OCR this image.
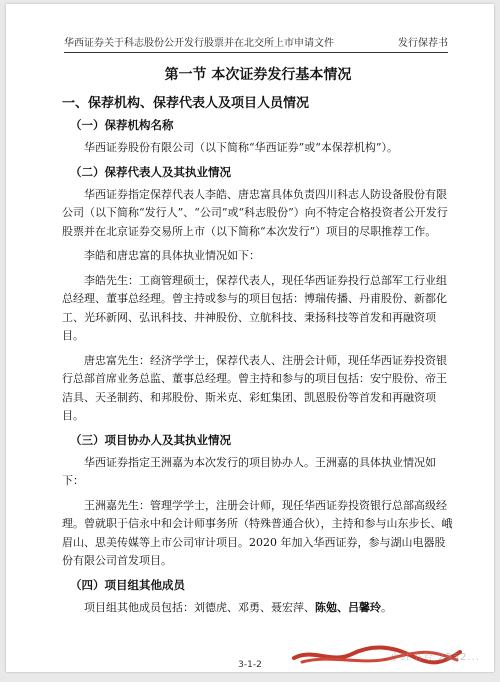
华西证券关于科志股份公开发行股票并在北交所上市申请文件	发行保荐书
第一节 本次证券发行基本情况
一、保荐机构、保荐代表人及项目人员情况
（一）保荐机构名称

华西证券股份有限公司（以下简称“华西证券”或“本保荐机构”）。

（二）保荐代表人及其执业情况

华西证券指定保荐代表人李皓、唐忠富具体负责四川科志人防设备股份有限公司（以下简称“发行人”、“公司”或“科志股份”）向不特定合格投资者公开发行股票并在北京证券交易所上市（以下简称“本次发行”）项目的尽职推荐工作。

李皓和唐忠富的具体执业情况如下：

李皓先生：工商管理硕士，保荐代表人，现任华西证券投行总部军工行业组总经理、董事总经理。曾主持或参与的项目包括：博瑞传播、丹甫股份、新都化工、光环新网、弘讯科技、井神股份、立航科技、秉扬科技等首发和再融资项目。

唐忠富先生：经济学学士，保荐代表人、注册会计师，现任华西证券投资银行总部首席业务总监、董事总经理。曾主持和参与的项目包括：安宁股份、帝王洁具、天圣制药、和邦股份、斯米克、彩虹集团、凯恩股份等首发和再融资项目。

（三）项目协办人及其执业情况

华西证券指定王洲嘉为本次发行的项目协办人。王洲嘉的具体执业情况如下：

王洲嘉先生：管理学学士，注册会计师，现任华西证券投资银行总部高级经理。曾就职于信永中和会计师事务所（特殊普通合伙），主持和参与山东步长、峨眉山、思美传媒等上市公司审计项目。2020 年加入华西证券，参与湖山电器股份有限公司首发项目。

（四）项目组其他成员

项目组其他成员包括：刘德虎、邓勇、聂宏萍、陈勉、吕馨玲。

3-1-2
小红书号 2952...
